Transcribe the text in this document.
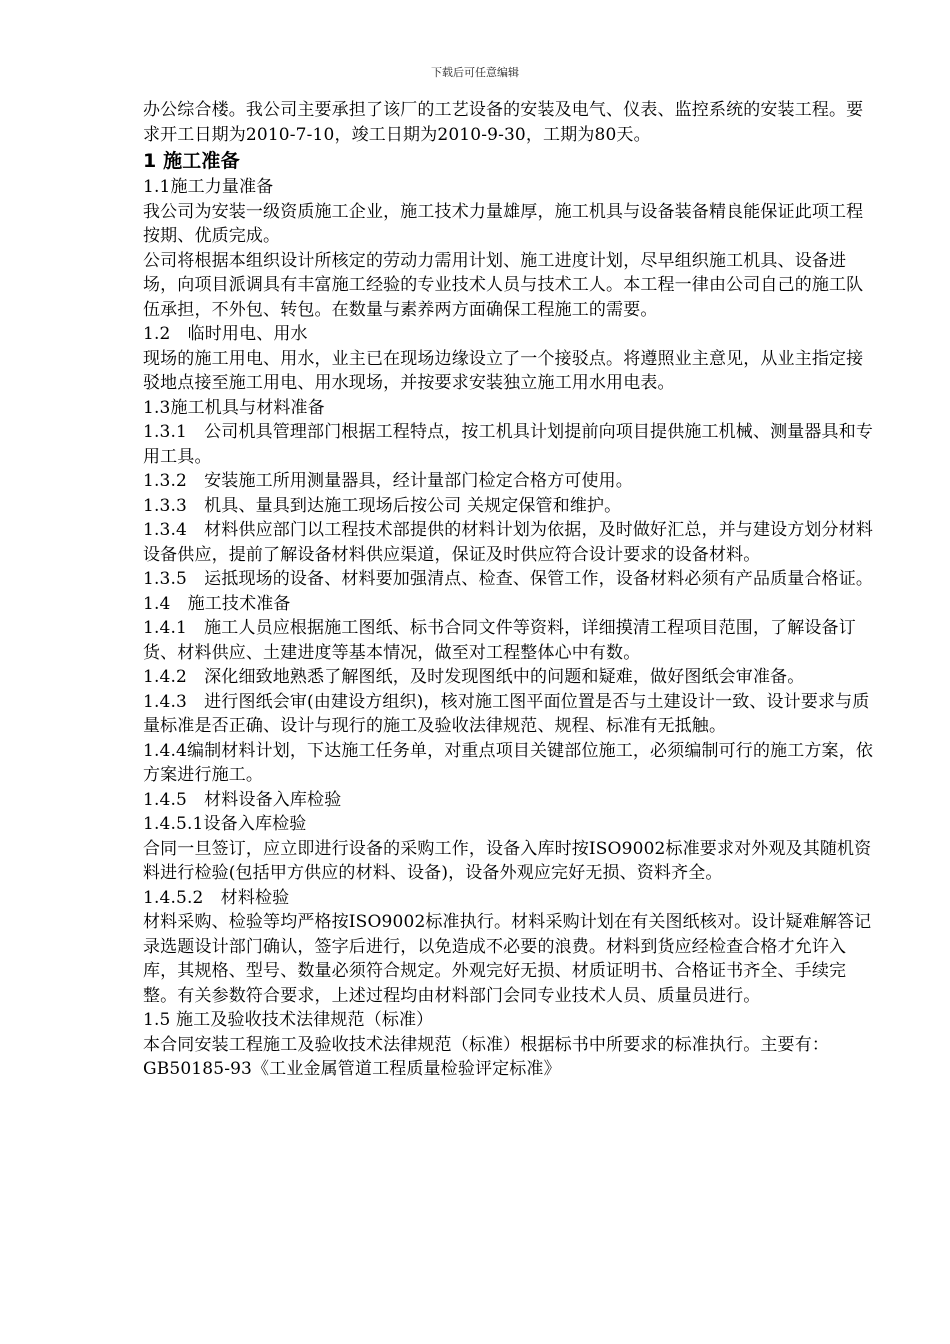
下载后可任意编辑

办公综合楼。我公司主要承担了该厂的工艺设备的安装及电气、仪表、监控系统的安装工程。要求开工日期为2010-7-10，竣工日期为2010-9-30，工期为80天。

1 施工准备

1.1施工力量准备

我公司为安装一级资质施工企业，施工技术力量雄厚，施工机具与设备装备精良能保证此项工程按期、优质完成。

公司将根据本组织设计所核定的劳动力需用计划、施工进度计划，尽早组织施工机具、设备进场，向项目派调具有丰富施工经验的专业技术人员与技术工人。本工程一律由公司自己的施工队伍承担，不外包、转包。在数量与素养两方面确保工程施工的需要。

1.2　临时用电、用水

现场的施工用电、用水，业主已在现场边缘设立了一个接驳点。将遵照业主意见，从业主指定接驳地点接至施工用电、用水现场，并按要求安装独立施工用水用电表。

1.3施工机具与材料准备

1.3.1　公司机具管理部门根据工程特点，按工机具计划提前向项目提供施工机械、测量器具和专用工具。

1.3.2　安装施工所用测量器具，经计量部门检定合格方可使用。

1.3.3　机具、量具到达施工现场后按公司 关规定保管和维护。

1.3.4　材料供应部门以工程技术部提供的材料计划为依据，及时做好汇总，并与建设方划分材料设备供应，提前了解设备材料供应渠道，保证及时供应符合设计要求的设备材料。

1.3.5　运抵现场的设备、材料要加强清点、检查、保管工作，设备材料必须有产品质量合格证。

1.4　施工技术准备

1.4.1　施工人员应根据施工图纸、标书合同文件等资料，详细摸清工程项目范围，了解设备订货、材料供应、土建进度等基本情况，做至对工程整体心中有数。

1.4.2　深化细致地熟悉了解图纸，及时发现图纸中的问题和疑难，做好图纸会审准备。

1.4.3　进行图纸会审(由建设方组织)，核对施工图平面位置是否与土建设计一致、设计要求与质量标准是否正确、设计与现行的施工及验收法律规范、规程、标准有无抵触。

1.4.4编制材料计划，下达施工任务单，对重点项目关键部位施工，必须编制可行的施工方案，依方案进行施工。

1.4.5　材料设备入库检验

1.4.5.1设备入库检验

合同一旦签订，应立即进行设备的采购工作，设备入库时按ISO9002标准要求对外观及其随机资料进行检验(包括甲方供应的材料、设备)，设备外观应完好无损、资料齐全。

1.4.5.2　材料检验

材料采购、检验等均严格按ISO9002标准执行。材料采购计划在有关图纸核对。设计疑难解答记录选题设计部门确认，签字后进行，以免造成不必要的浪费。材料到货应经检查合格才允许入库，其规格、型号、数量必须符合规定。外观完好无损、材质证明书、合格证书齐全、手续完整。有关参数符合要求，上述过程均由材料部门会同专业技术人员、质量员进行。

1.5 施工及验收技术法律规范（标准）

本合同安装工程施工及验收技术法律规范（标准）根据标书中所要求的标准执行。主要有：

GB50185-93《工业金属管道工程质量检验评定标准》
